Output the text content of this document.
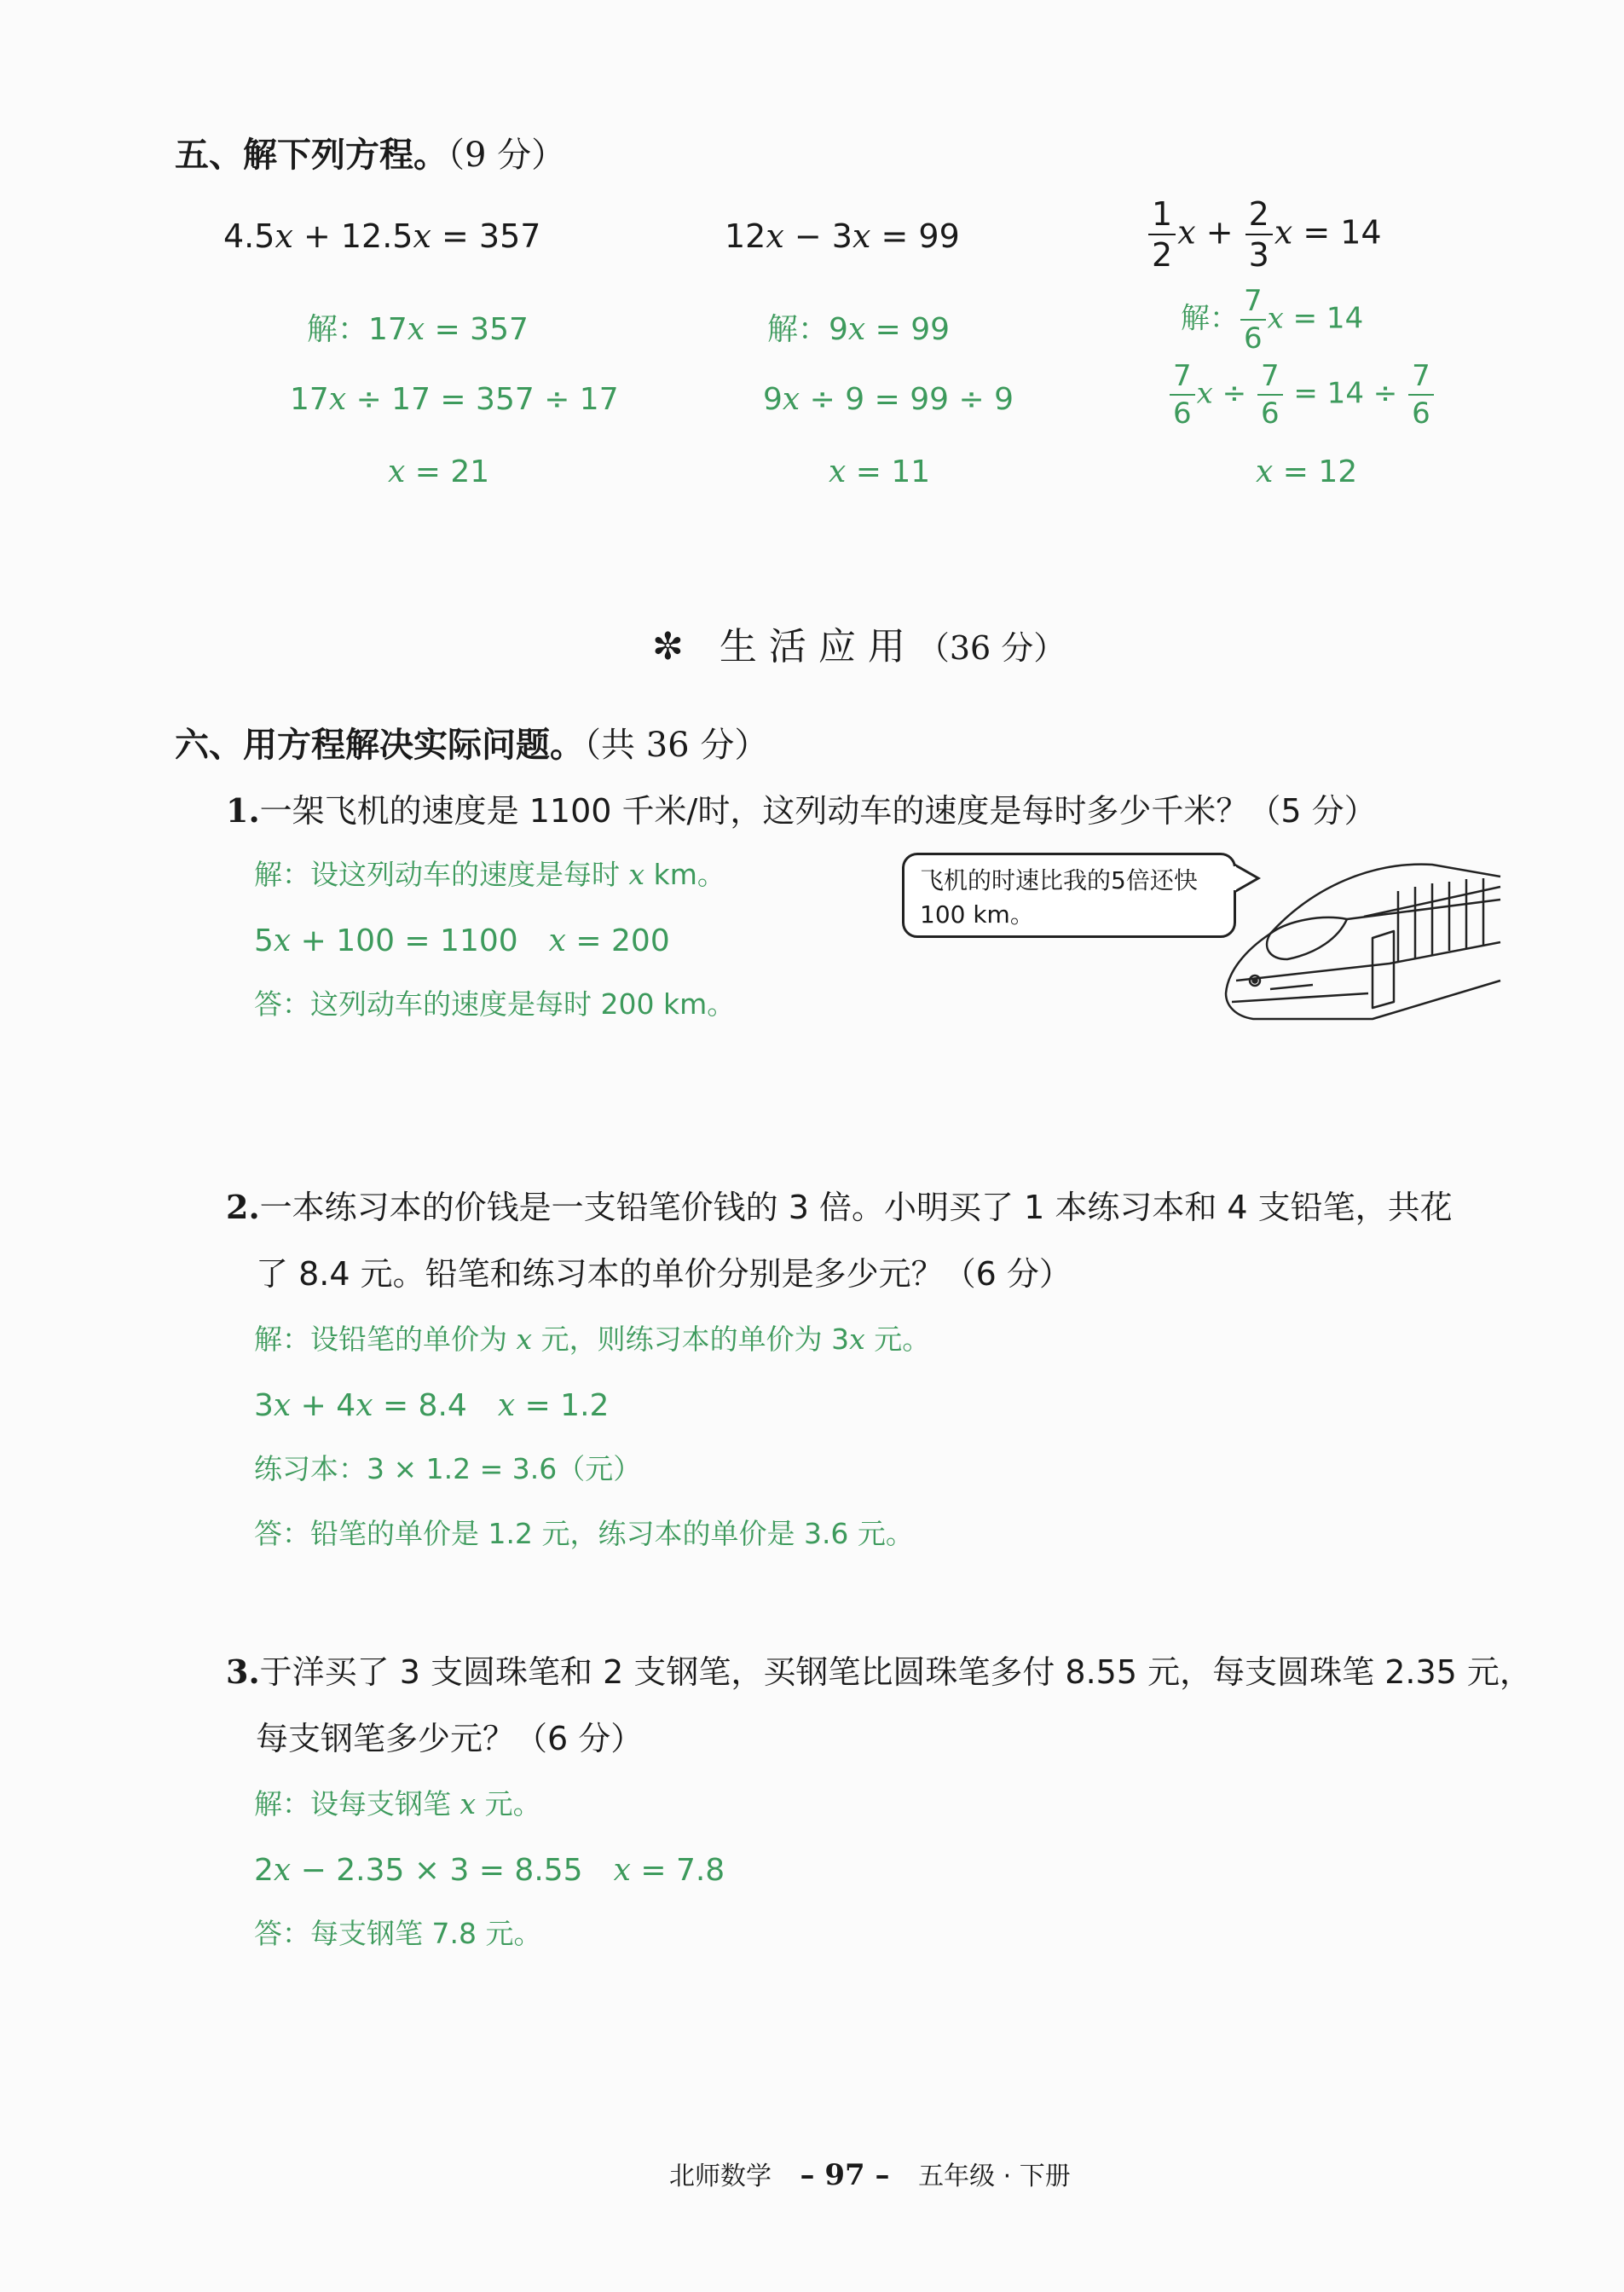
五、解下列方程。（9 分）
4.5x + 12.5x = 357
解：17x = 357
17x ÷ 17 = 357 ÷ 17
x = 21
12x − 3x = 99
解：9x = 99
9x ÷ 9 = 99 ÷ 9
x = 11
$\frac{1}{2}$ $x + \frac{2}{3}$ x = 14
解： $\frac{7}{6}$ x = 14
$\frac{7}{6}$ $x \div \frac{7}{6} = 14 \div \frac{7}{6}$
x = 12
✼ 生活应用（36 分）
六、用方程解决实际问题。（共 36 分）
1.一架飞机的速度是 1100 千米/时，这列动车的速度是每时多少千米？（5 分）
解：设这列动车的速度是每时 x km。
5x + 100 = 1100　x = 200
答：这列动车的速度是每时 200 km。
飞机的时速比我的5倍还快100 km。
2.一本练习本的价钱是一支铅笔价钱的 3 倍。小明买了 1 本练习本和 4 支铅笔，共花
了 8.4 元。铅笔和练习本的单价分别是多少元？（6 分）
解：设铅笔的单价为 x 元，则练习本的单价为 3x 元。
3x + 4x = 8.4　x = 1.2
练习本：3 × 1.2 = 3.6（元）
答：铅笔的单价是 1.2 元，练习本的单价是 3.6 元。
3.于洋买了 3 支圆珠笔和 2 支钢笔，买钢笔比圆珠笔多付 8.55 元，每支圆珠笔 2.35 元，
每支钢笔多少元？（6 分）
解：设每支钢笔 x 元。
2x − 2.35 × 3 = 8.55　x = 7.8
答：每支钢笔 7.8 元。
北师数学 – 97 – 五年级 · 下册
